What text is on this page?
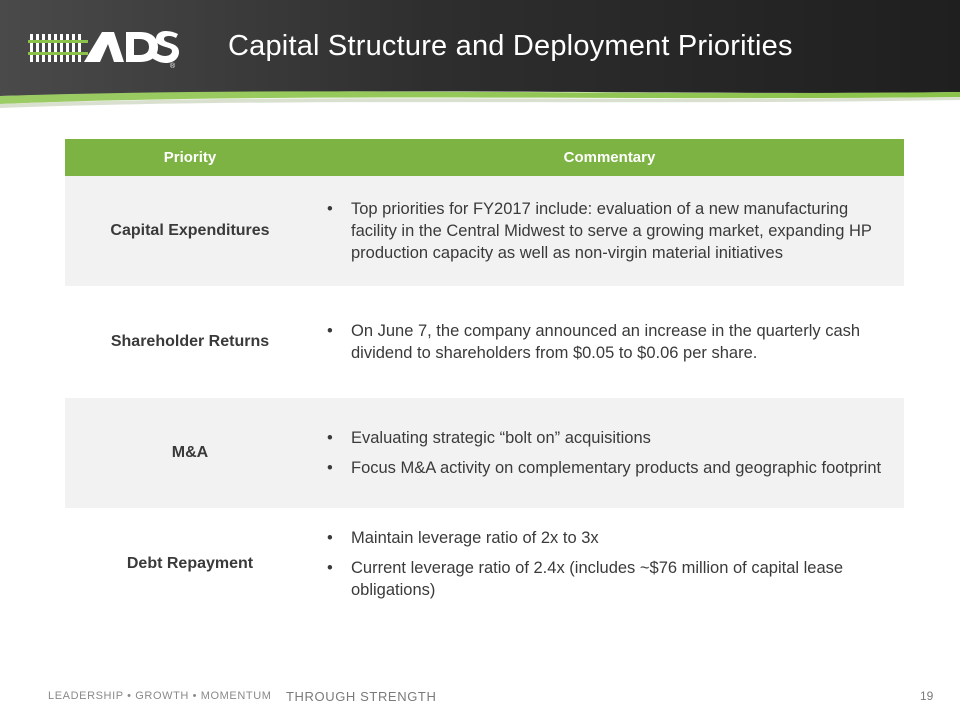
®
Capital Structure and Deployment Priorities
Priority	Commentary
Capital Expenditures
• Top priorities for FY2017 include: evaluation of a new manufacturing facility in the Central Midwest to serve a growing market, expanding HP production capacity as well as non-virgin material initiatives
Shareholder Returns
• On June 7, the company announced an increase in the quarterly cash dividend to shareholders from $0.05 to $0.06 per share.
M&A
• Evaluating strategic “bolt on” acquisitions
• Focus M&A activity on complementary products and geographic footprint
Debt Repayment
• Maintain leverage ratio of 2x to 3x
• Current leverage ratio of 2.4x (includes ~$76 million of capital lease obligations)
LEADERSHIP • GROWTH • MOMENTUM THROUGH STRENGTH	19
